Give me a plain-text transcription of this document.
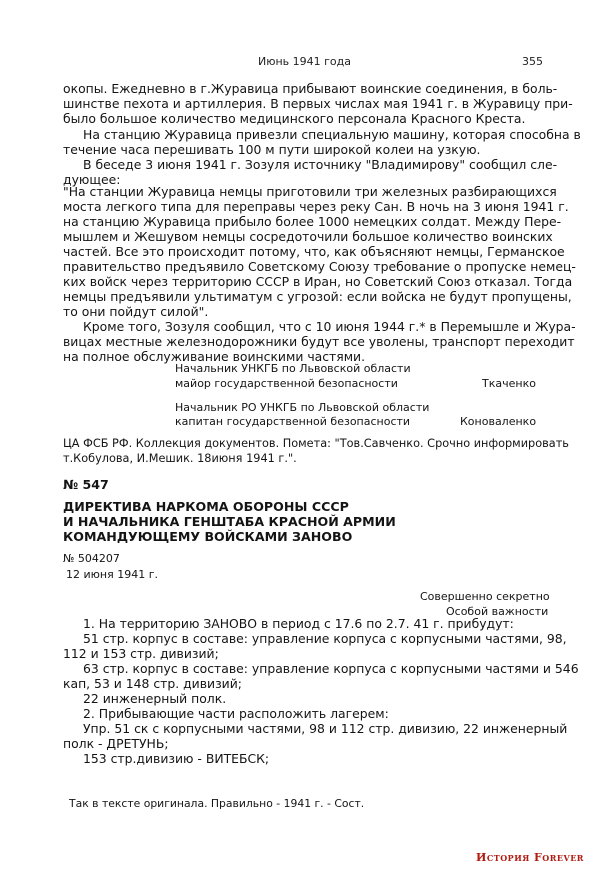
Июнь 1941 года	355
окопы. Ежедневно в г.Журавица прибывают воинские соединения, в боль-
шинстве пехота и артиллерия. В первых числах мая 1941 г. в Журавицу при-
было большое количество медицинского персонала Красного Креста.
На станцию Журавица привезли специальную машину, которая способна в
течение часа перешивать 100 м пути широкой колеи на узкую.
В беседе 3 июня 1941 г. Зозуля источнику "Владимирову" сообщил сле-
дующее:
"На станции Журавица немцы приготовили три железных разбирающихся
моста легкого типа для переправы через реку Сан. В ночь на 3 июня 1941 г.
на станцию Журавица прибыло более 1000 немецких солдат. Между Пере-
мышлем и Жешувом немцы сосредоточили большое количество воинских
частей. Все это происходит потому, что, как объясняют немцы, Германское
правительство предъявило Советскому Союзу требование о пропуске немец-
ких войск через территорию СССР в Иран, но Советский Союз отказал. Тогда
немцы предъявили ультиматум с угрозой: если войска не будут пропущены,
то они пойдут силой".
Кроме того, Зозуля сообщил, что с 10 июня 1944 г.* в Перемышле и Жура-
вицах местные железнодорожники будут все уволены, транспорт переходит
на полное обслуживание воинскими частями.
Начальник УНКГБ по Львовской области
майор государственной безопасности	Ткаченко
Начальник РО УНКГБ по Львовской области
капитан государственной безопасности	Коноваленко
ЦА ФСБ РФ. Коллекция документов. Помета: "Тов.Савченко. Срочно информировать
т.Кобулова, И.Мешик. 18июня 1941 г.".
№ 547
ДИРЕКТИВА НАРКОМА ОБОРОНЫ СССР
И НАЧАЛЬНИКА ГЕНШТАБА КРАСНОЙ АРМИИ
КОМАНДУЮЩЕМУ ВОЙСКАМИ ЗАНОВО
№ 504207
12 июня 1941 г.
Совершенно секретно
Особой важности
1. На территорию ЗАНОВО в период с 17.6 по 2.7. 41 г. прибудут:
51 стр. корпус в составе: управление корпуса с корпусными частями, 98,
112 и 153 стр. дивизий;
63 стр. корпус в составе: управление корпуса с корпусными частями и 546
кап, 53 и 148 стр. дивизий;
22 инженерный полк.
2. Прибывающие части расположить лагерем:
Упр. 51 ск с корпусными частями, 98 и 112 стр. дивизию, 22 инженерный
полк - ДРЕТУНЬ;
153 стр.дивизию - ВИТЕБСК;
Так в тексте оригинала. Правильно - 1941 г. - Сост.
История Forever
